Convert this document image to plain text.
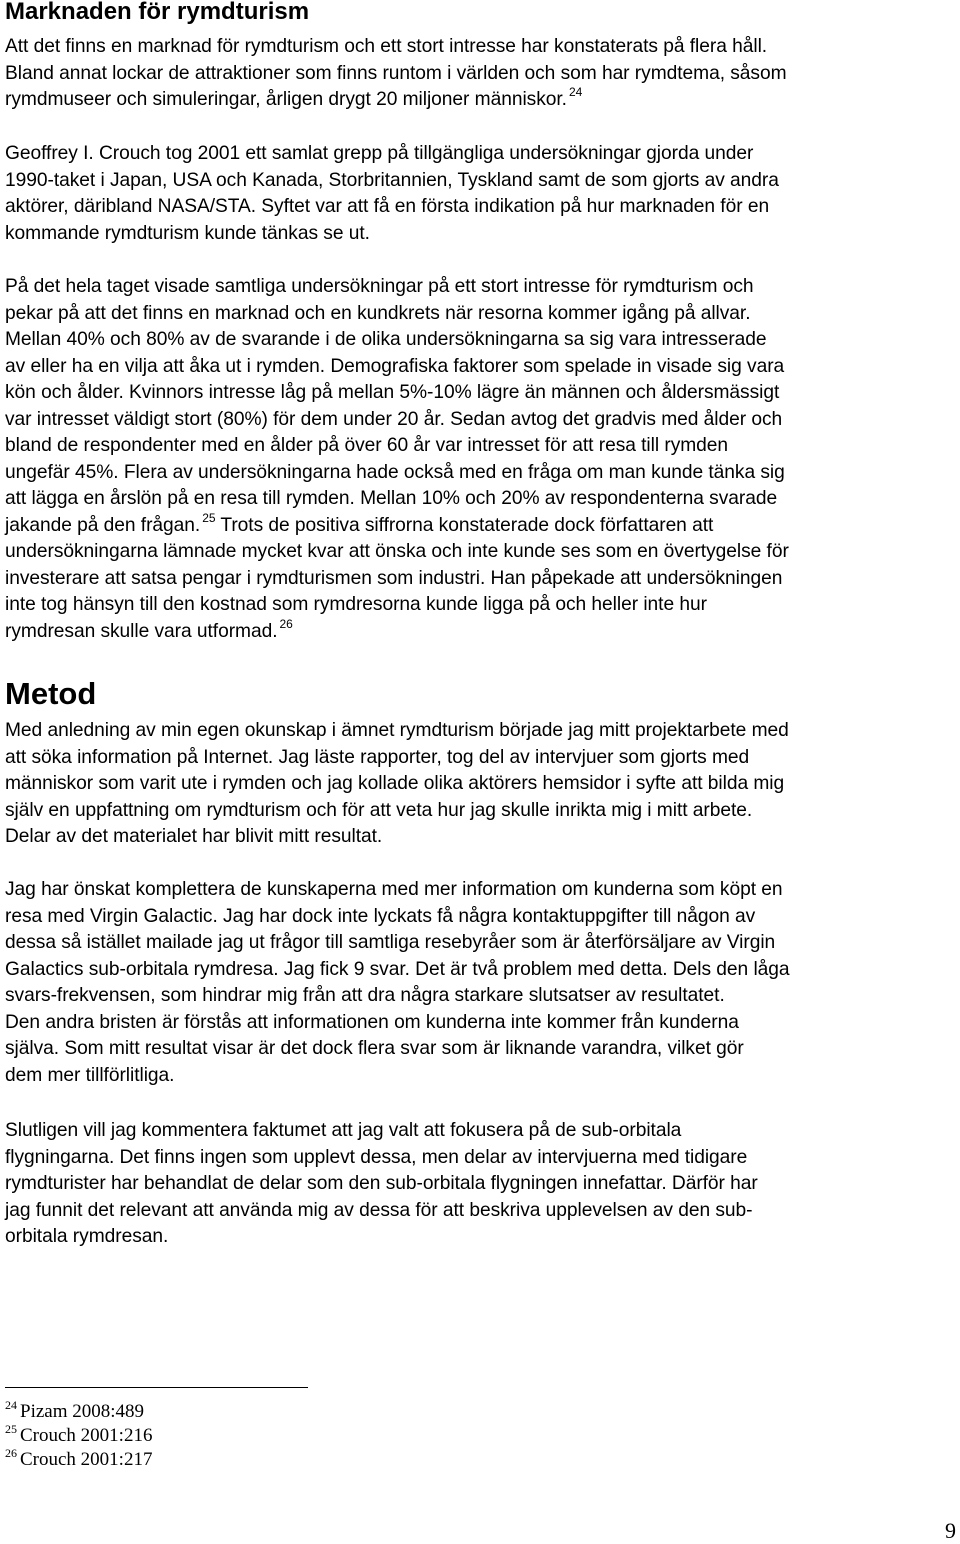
Marknaden för rymdturism

Att det finns en marknad för rymdturism och ett stort intresse har konstaterats på flera håll.
Bland annat lockar de attraktioner som finns runtom i världen och som har rymdtema, såsom
rymdmuseer och simuleringar, årligen drygt 20 miljoner människor. $^{24}$

Geoffrey I. Crouch tog 2001 ett samlat grepp på tillgängliga undersökningar gjorda under
1990-taket i Japan, USA och Kanada, Storbritannien, Tyskland samt de som gjorts av andra
aktörer, däribland NASA/STA. Syftet var att få en första indikation på hur marknaden för en
kommande rymdturism kunde tänkas se ut.

På det hela taget visade samtliga undersökningar på ett stort intresse för rymdturism och
pekar på att det finns en marknad och en kundkrets när resorna kommer igång på allvar.
Mellan 40% och 80% av de svarande i de olika undersökningarna sa sig vara intresserade
av eller ha en vilja att åka ut i rymden. Demografiska faktorer som spelade in visade sig vara
kön och ålder. Kvinnors intresse låg på mellan 5%-10% lägre än männen och åldersmässigt
var intresset väldigt stort (80%) för dem under 20 år. Sedan avtog det gradvis med ålder och
bland de respondenter med en ålder på över 60 år var intresset för att resa till rymden
ungefär 45%. Flera av undersökningarna hade också med en fråga om man kunde tänka sig
att lägga en årslön på en resa till rymden. Mellan 10% och 20% av respondenterna svarade
jakande på den frågan. $^{25}$ Trots de positiva siffrorna konstaterade dock författaren att
undersökningarna lämnade mycket kvar att önska och inte kunde ses som en övertygelse för
investerare att satsa pengar i rymdturismen som industri. Han påpekade att undersökningen
inte tog hänsyn till den kostnad som rymdresorna kunde ligga på och heller inte hur
rymdresan skulle vara utformad. $^{26}$

Metod

Med anledning av min egen okunskap i ämnet rymdturism började jag mitt projektarbete med
att söka information på Internet. Jag läste rapporter, tog del av intervjuer som gjorts med
människor som varit ute i rymden och jag kollade olika aktörers hemsidor i syfte att bilda mig
själv en uppfattning om rymdturism och för att veta hur jag skulle inrikta mig i mitt arbete.
Delar av det materialet har blivit mitt resultat.

Jag har önskat komplettera de kunskaperna med mer information om kunderna som köpt en
resa med Virgin Galactic. Jag har dock inte lyckats få några kontaktuppgifter till någon av
dessa så istället mailade jag ut frågor till samtliga resebyråer som är återförsäljare av Virgin
Galactics sub-orbitala rymdresa. Jag fick 9 svar. Det är två problem med detta. Dels den låga
svars-frekvensen, som hindrar mig från att dra några starkare slutsatser av resultatet.
Den andra bristen är förstås att informationen om kunderna inte kommer från kunderna
själva. Som mitt resultat visar är det dock flera svar som är liknande varandra, vilket gör
dem mer tillförlitliga.

Slutligen vill jag kommentera faktumet att jag valt att fokusera på de sub-orbitala
flygningarna. Det finns ingen som upplevt dessa, men delar av intervjuerna med tidigare
rymdturister har behandlat de delar som den sub-orbitala flygningen innefattar. Därför har
jag funnit det relevant att använda mig av dessa för att beskriva upplevelsen av den sub-
orbitala rymdresan.

$^{24}$ Pizam 2008:489
$^{25}$ Crouch 2001:216
$^{26}$ Crouch 2001:217
9
